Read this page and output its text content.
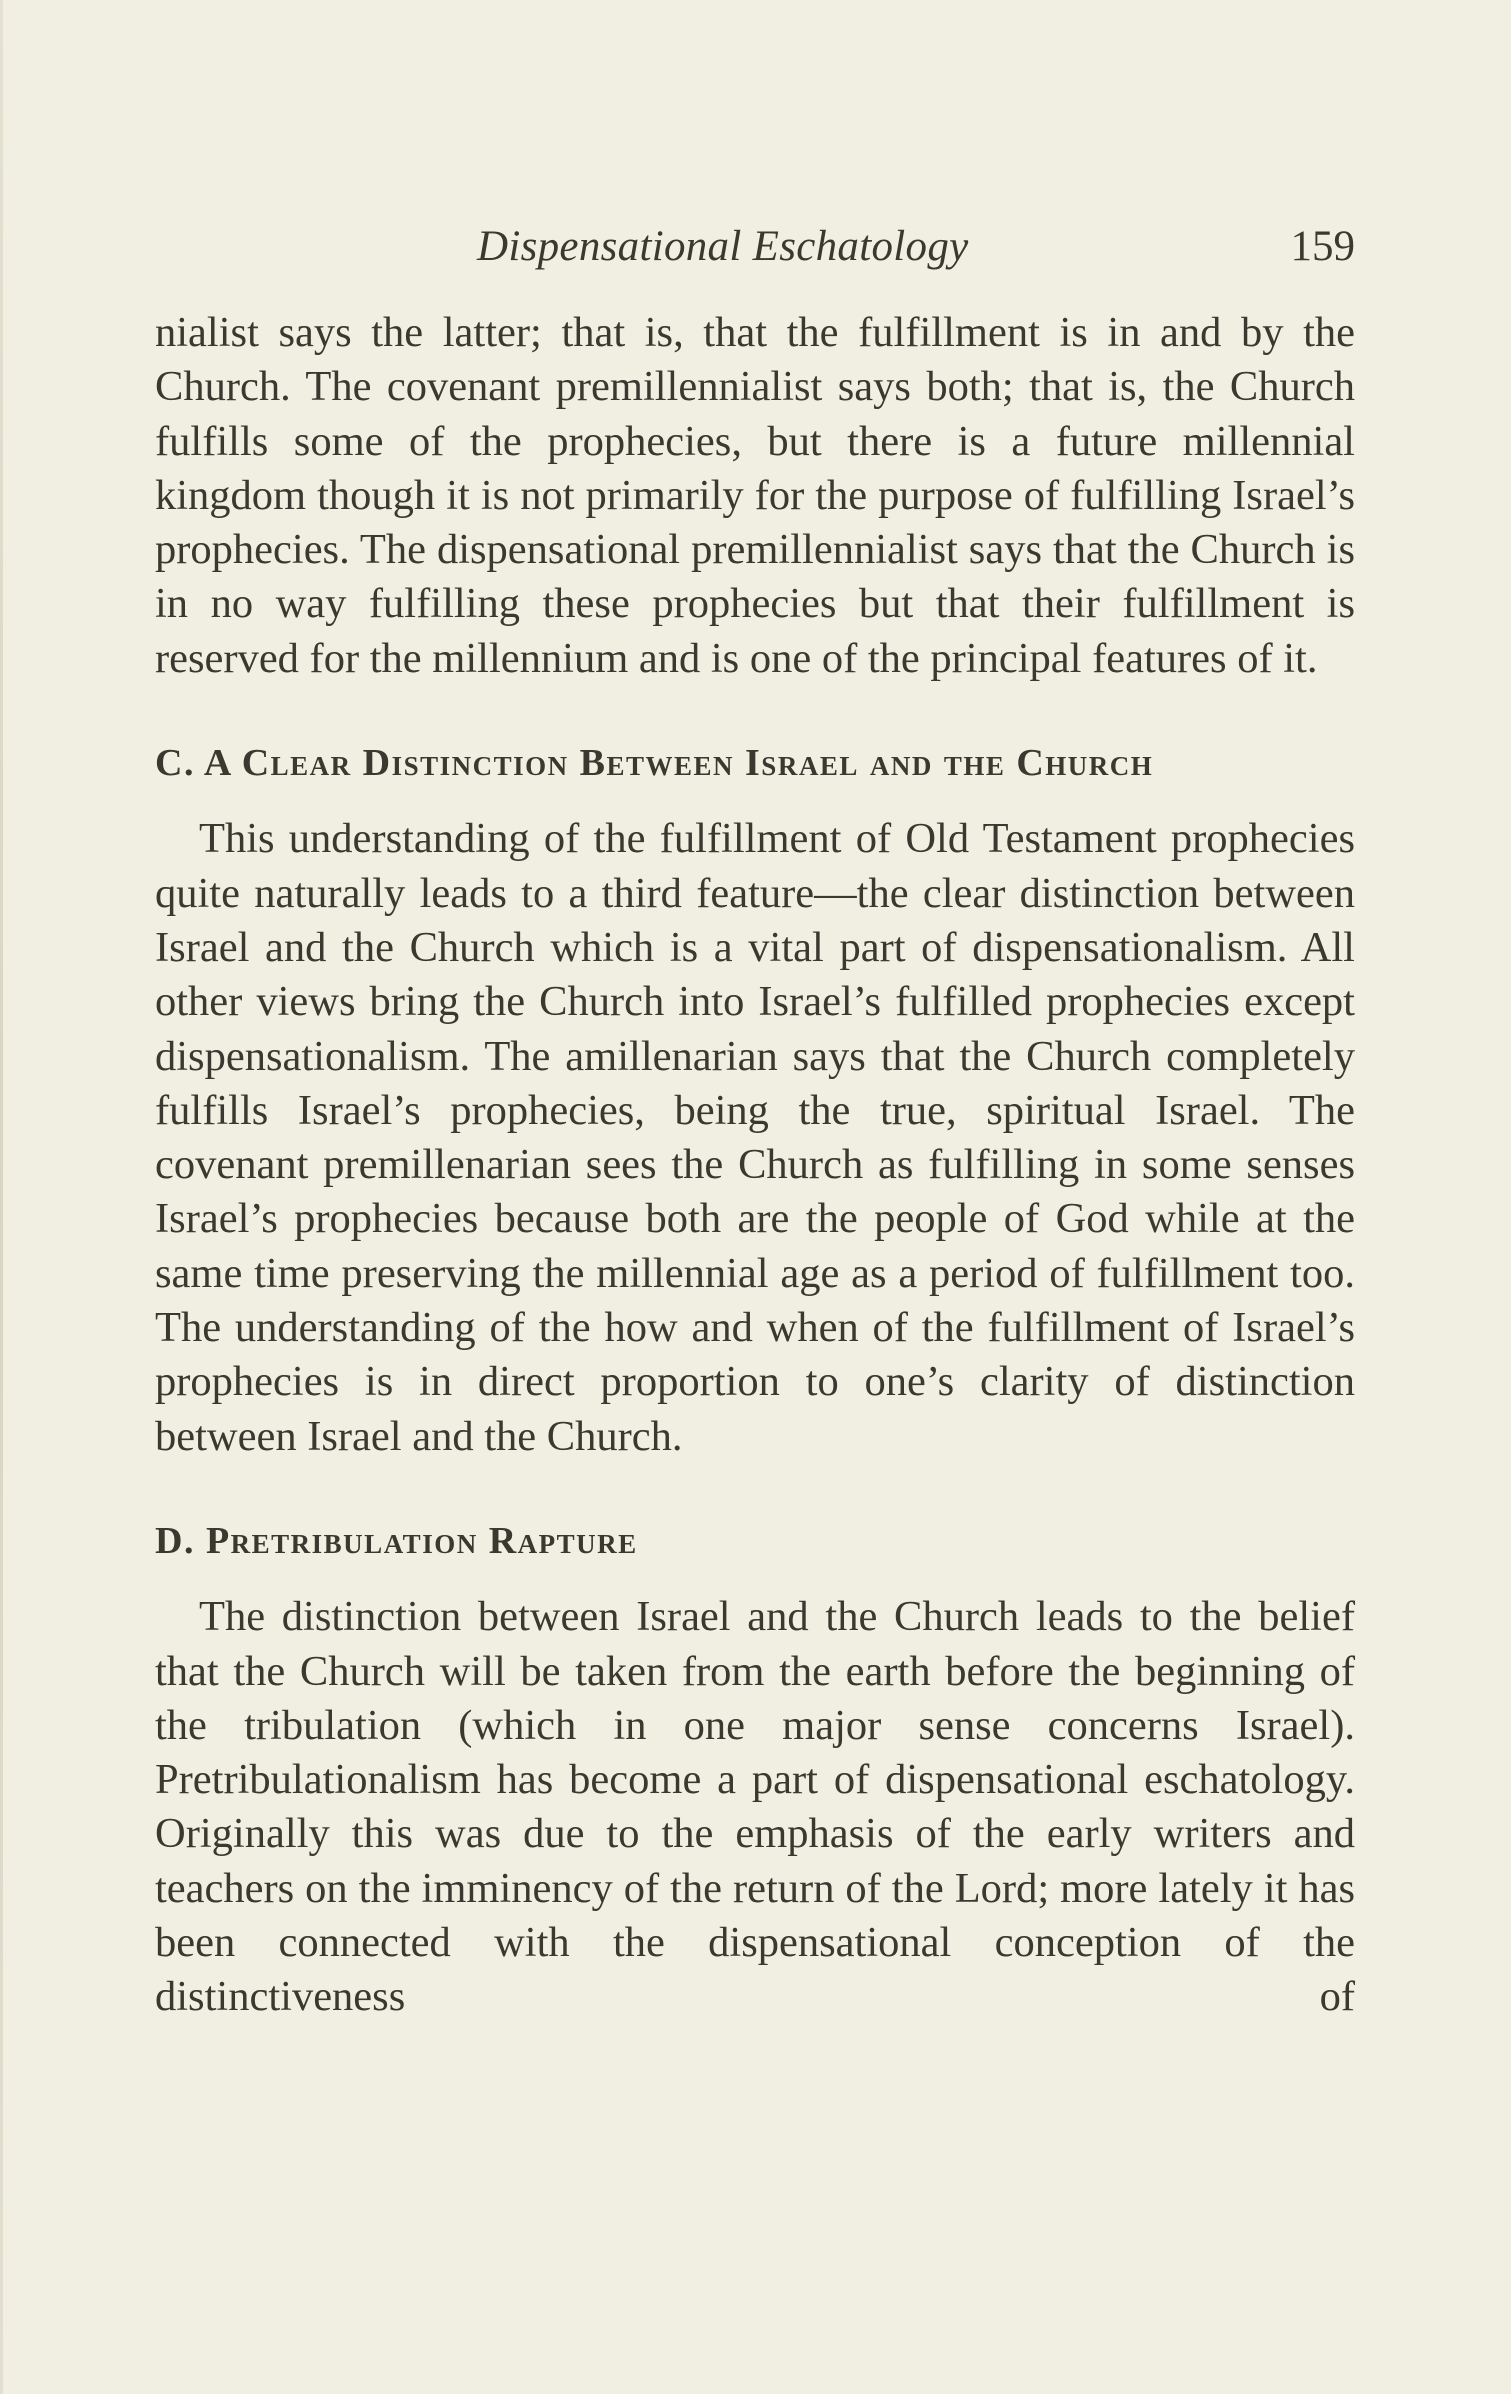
Dispensational Eschatology	159

nialist says the latter; that is, that the fulfillment is in and by the Church. The covenant premillennialist says both; that is, the Church fulfills some of the prophecies, but there is a future millennial kingdom though it is not primarily for the purpose of fulfilling Israel’s prophecies. The dispensational premillennialist says that the Church is in no way fulfilling these prophecies but that their fulfillment is reserved for the millennium and is one of the principal features of it.

C. A Clear Distinction Between Israel and the Church

This understanding of the fulfillment of Old Testament prophecies quite naturally leads to a third feature—the clear distinction between Israel and the Church which is a vital part of dispensationalism. All other views bring the Church into Israel’s fulfilled prophecies except dispensationalism. The amillenarian says that the Church completely fulfills Israel’s prophecies, being the true, spiritual Israel. The covenant premillenarian sees the Church as fulfilling in some senses Israel’s prophecies because both are the people of God while at the same time preserving the millennial age as a period of fulfillment too. The understanding of the how and when of the fulfillment of Israel’s prophecies is in direct proportion to one’s clarity of distinction between Israel and the Church.

D. Pretribulation Rapture

The distinction between Israel and the Church leads to the belief that the Church will be taken from the earth before the beginning of the tribulation (which in one major sense concerns Israel). Pretribulationalism has become a part of dispensational eschatology. Originally this was due to the emphasis of the early writers and teachers on the imminency of the return of the Lord; more lately it has been connected with the dispensational conception of the distinctiveness of
